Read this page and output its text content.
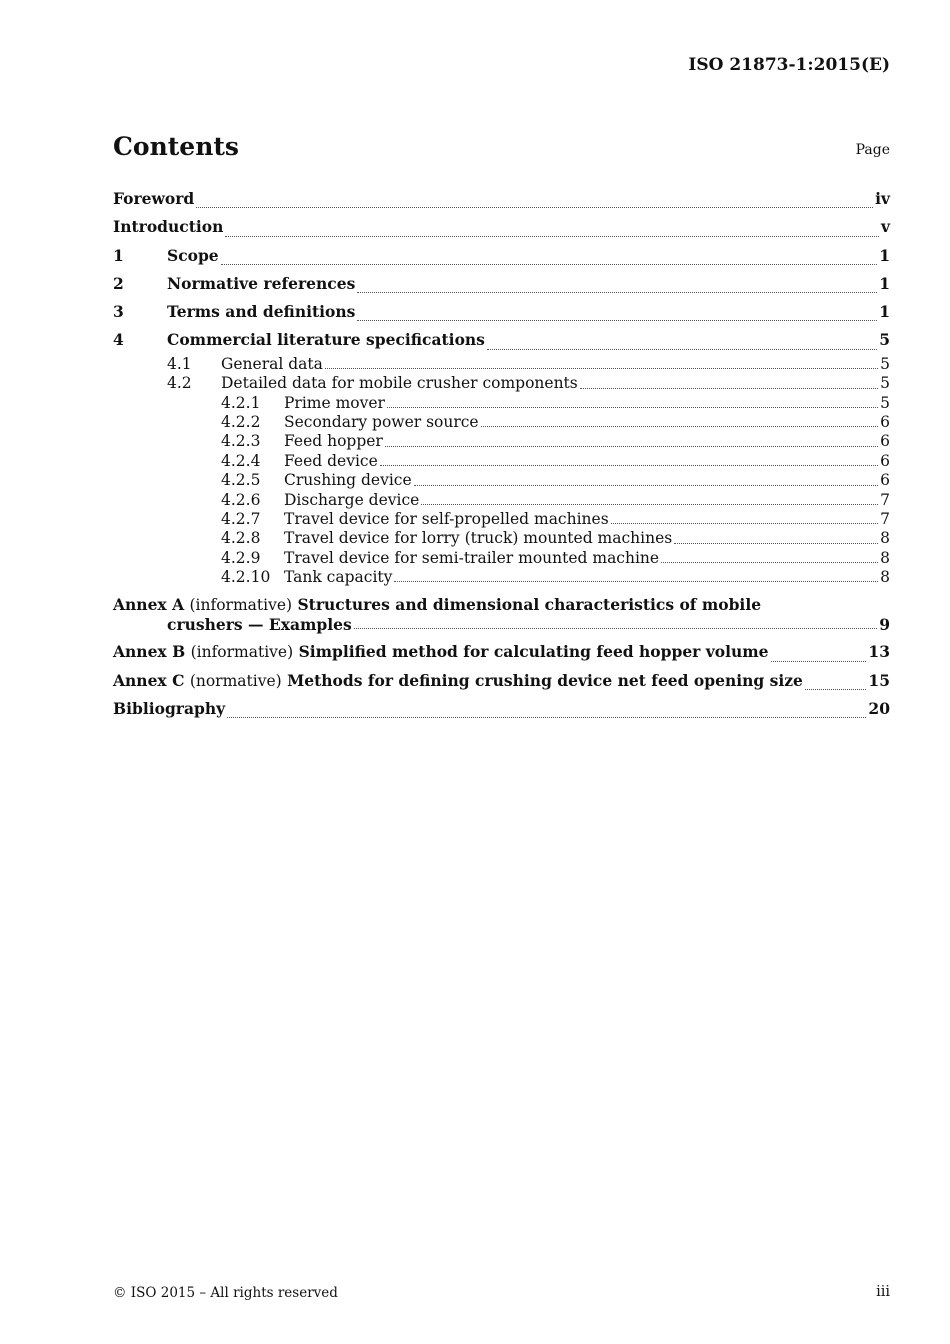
ISO 21873-1:2015(E)
Contents	Page
Foreword	iv
Introduction	v
1	Scope	1
2	Normative references	1
3	Terms and definitions	1
4	Commercial literature specifications	5
4.1	General data	5
4.2	Detailed data for mobile crusher components	5
4.2.1	Prime mover	5
4.2.2	Secondary power source	6
4.2.3	Feed hopper	6
4.2.4	Feed device	6
4.2.5	Crushing device	6
4.2.6	Discharge device	7
4.2.7	Travel device for self-propelled machines	7
4.2.8	Travel device for lorry (truck) mounted machines	8
4.2.9	Travel device for semi-trailer mounted machine	8
4.2.10 Tank capacity	8
Annex A (informative) Structures and dimensional characteristics of mobile
crushers — Examples	9
Annex B (informative) Simplified method for calculating feed hopper volume	13
Annex C (normative) Methods for defining crushing device net feed opening size	15
Bibliography	20
© ISO 2015 – All rights reserved	iii
